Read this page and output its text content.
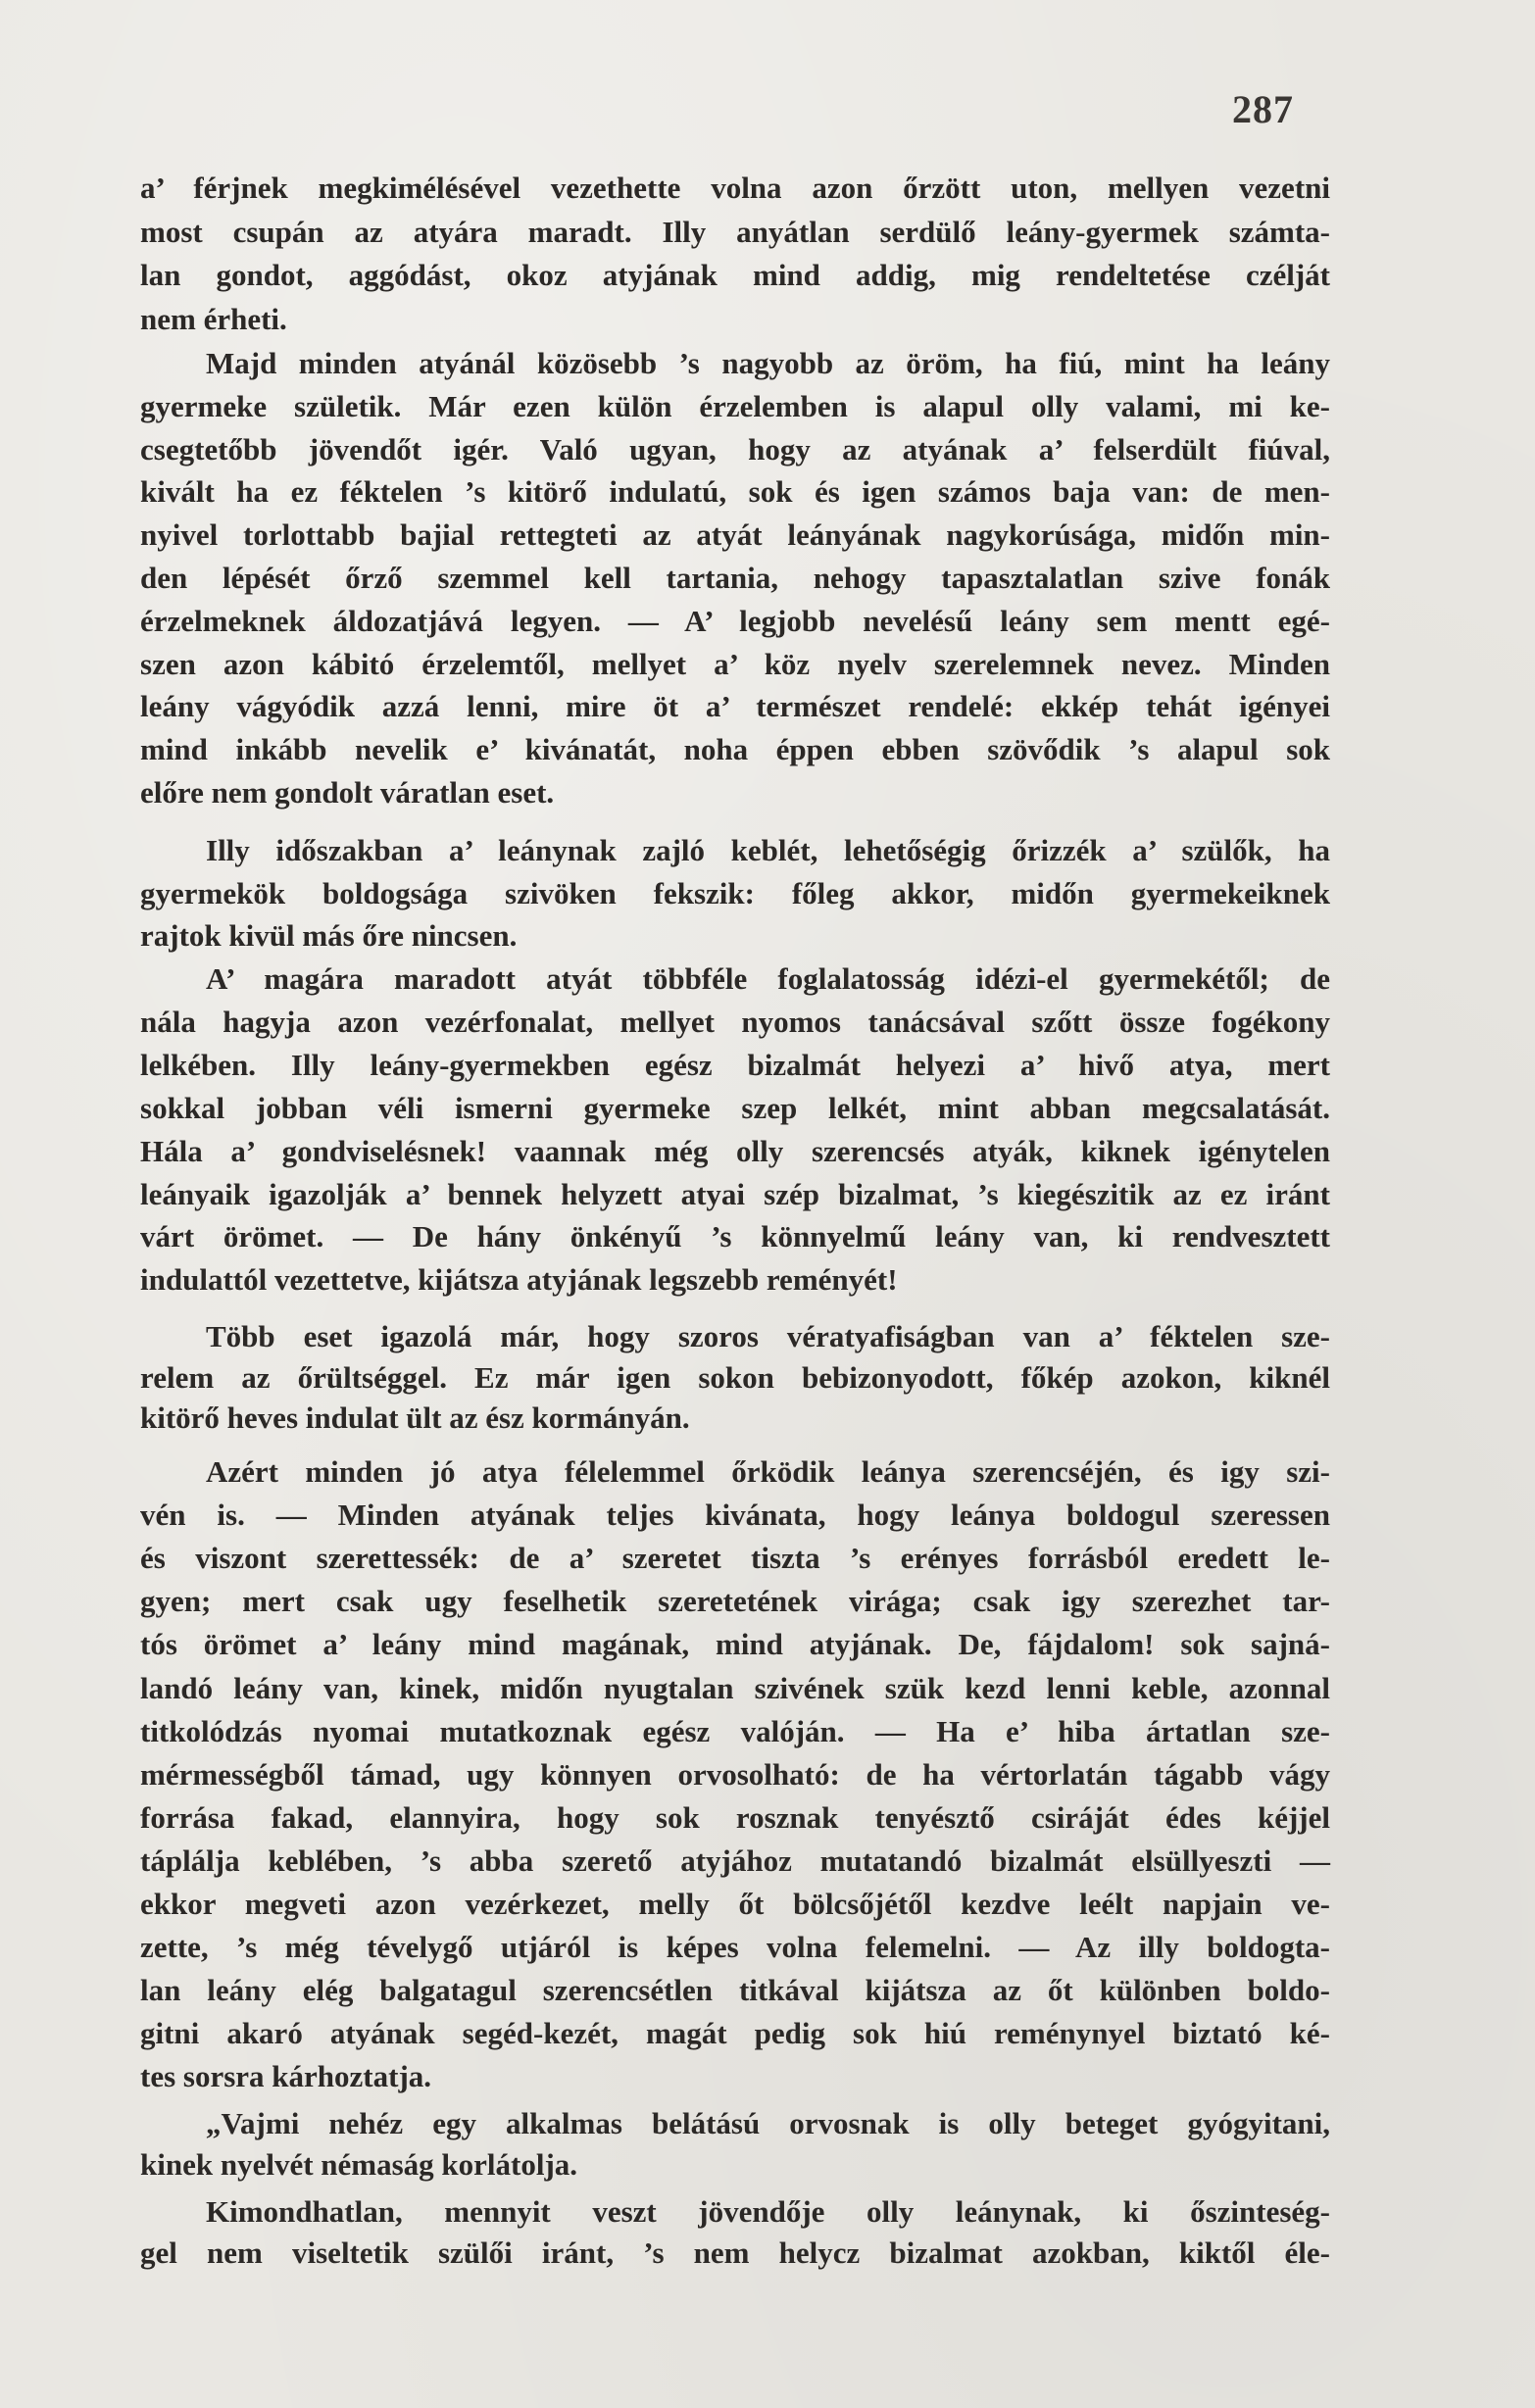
287
a’ férjnek megkimélésével vezethette volna azon őrzött uton, mellyen vezetni
most csupán az atyára maradt. Illy anyátlan serdülő leány-gyermek számta-
lan gondot, aggódást, okoz atyjának mind addig, mig rendeltetése czélját
nem érheti.
Majd minden atyánál közösebb ’s nagyobb az öröm, ha fiú, mint ha leány
gyermeke születik. Már ezen külön érzelemben is alapul olly valami, mi ke-
csegtetőbb jövendőt igér. Való ugyan, hogy az atyának a’ felserdült fiúval,
kivált ha ez féktelen ’s kitörő indulatú, sok és igen számos baja van: de men-
nyivel torlottabb bajial rettegteti az atyát leányának nagykorúsága, midőn min-
den lépését őrző szemmel kell tartania, nehogy tapasztalatlan szive fonák
érzelmeknek áldozatjává legyen. — A’ legjobb nevelésű leány sem mentt egé-
szen azon kábitó érzelemtől, mellyet a’ köz nyelv szerelemnek nevez. Minden
leány vágyódik azzá lenni, mire öt a’ természet rendelé: ekkép tehát igényei
mind inkább nevelik e’ kivánatát, noha éppen ebben szövődik ’s alapul sok
előre nem gondolt váratlan eset.
Illy időszakban a’ leánynak zajló keblét, lehetőségig őrizzék a’ szülők, ha
gyermekök boldogsága szivöken fekszik: főleg akkor, midőn gyermekeiknek
rajtok kivül más őre nincsen.
A’ magára maradott atyát többféle foglalatosság idézi-el gyermekétől; de
nála hagyja azon vezérfonalat, mellyet nyomos tanácsával szőtt össze fogékony
lelkében. Illy leány-gyermekben egész bizalmát helyezi a’ hivő atya, mert
sokkal jobban véli ismerni gyermeke szep lelkét, mint abban megcsalatását.
Hála a’ gondviselésnek! vaannak még olly szerencsés atyák, kiknek igénytelen
leányaik igazolják a’ bennek helyzett atyai szép bizalmat, ’s kiegészitik az ez iránt
várt örömet. — De hány önkényű ’s könnyelmű leány van, ki rendvesztett
indulattól vezettetve, kijátsza atyjának legszebb reményét!
Több eset igazolá már, hogy szoros vératyafiságban van a’ féktelen sze-
relem az őrültséggel. Ez már igen sokon bebizonyodott, főkép azokon, kiknél
kitörő heves indulat ült az ész kormányán.
Azért minden jó atya félelemmel őrködik leánya szerencséjén, és igy szi-
vén is. — Minden atyának teljes kivánata, hogy leánya boldogul szeressen
és viszont szerettessék: de a’ szeretet tiszta ’s erényes forrásból eredett le-
gyen; mert csak ugy feselhetik szeretetének virága; csak igy szerezhet tar-
tós örömet a’ leány mind magának, mind atyjának. De, fájdalom! sok sajná-
landó leány van, kinek, midőn nyugtalan szivének szük kezd lenni keble, azonnal
titkolódzás nyomai mutatkoznak egész valóján. — Ha e’ hiba ártatlan sze-
mérmességből támad, ugy könnyen orvosolható: de ha vértorlatán tágabb vágy
forrása fakad, elannyira, hogy sok rosznak tenyésztő csiráját édes kéjjel
táplálja keblében, ’s abba szerető atyjához mutatandó bizalmát elsüllyeszti —
ekkor megveti azon vezérkezet, melly őt bölcsőjétől kezdve leélt napjain ve-
zette, ’s még tévelygő utjáról is képes volna felemelni. — Az illy boldogta-
lan leány elég balgatagul szerencsétlen titkával kijátsza az őt különben boldo-
gitni akaró atyának segéd-kezét, magát pedig sok hiú reménynyel biztató ké-
tes sorsra kárhoztatja.
„Vajmi nehéz egy alkalmas belátású orvosnak is olly beteget gyógyitani,
kinek nyelvét némaság korlátolja.
Kimondhatlan, mennyit veszt jövendője olly leánynak, ki őszinteség-
gel nem viseltetik szülői iránt, ’s nem helycz bizalmat azokban, kiktől éle-
